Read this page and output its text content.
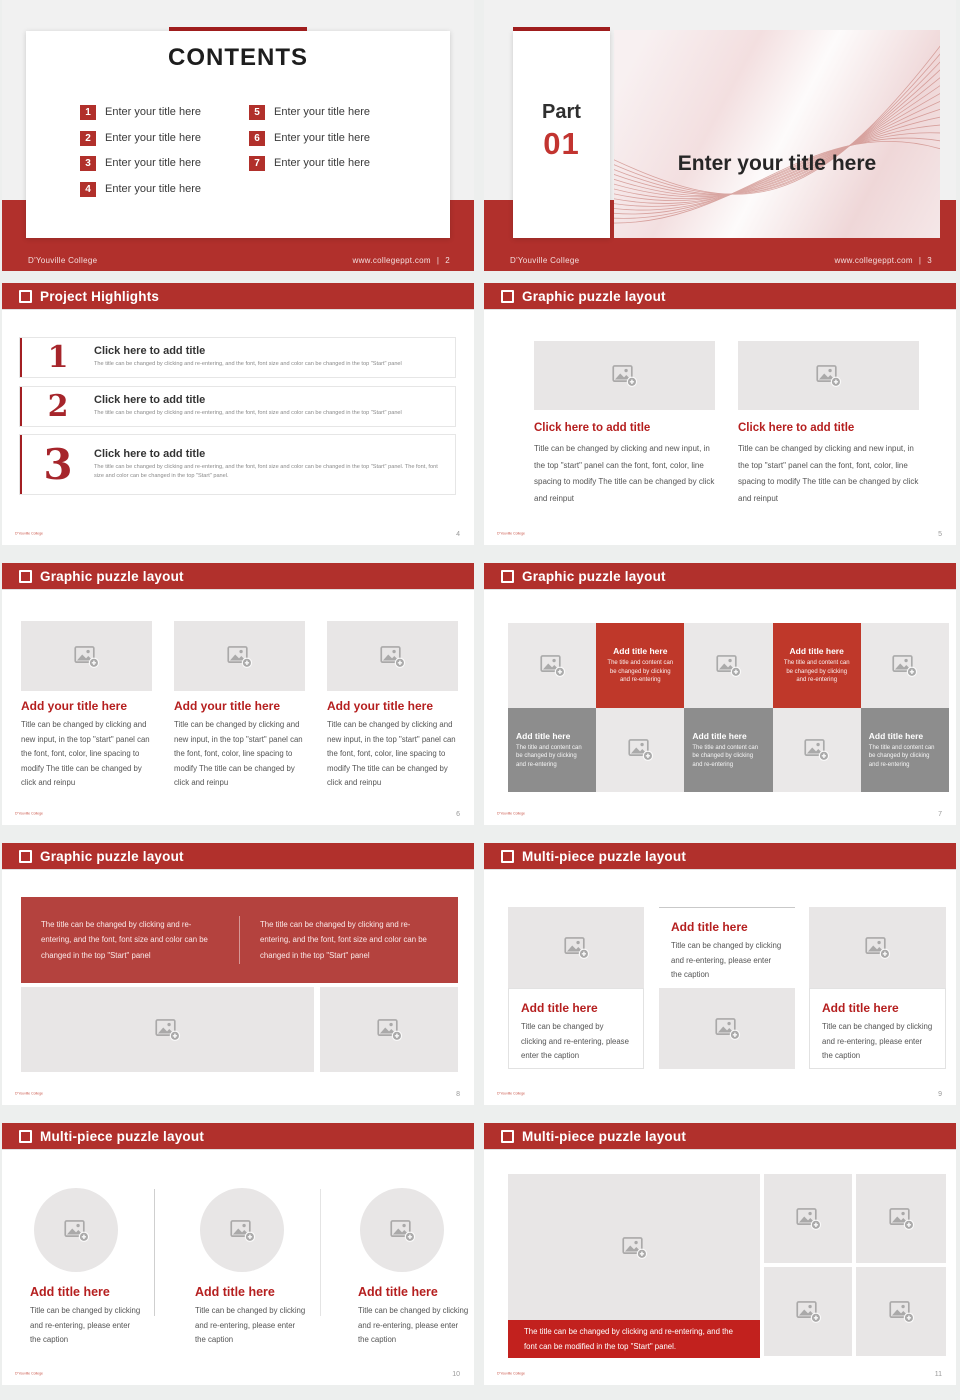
CONTENTS
1	Enter your title here
2	Enter your title here
3	Enter your title here
4	Enter your title here
5	Enter your title here
6	Enter your title here
7	Enter your title here
D'Youville College	www.collegeppt.com | 2
Enter your title here
Part
01
D'Youville College	www.collegeppt.com | 3
Project Highlights
1	Click here to add title
The title can be changed by clicking and re-entering, and the font, font size and color can be changed in the top "Start" panel
2	Click here to add title
The title can be changed by clicking and re-entering, and the font, font size and color can be changed in the top "Start" panel
3	Click here to add title
The title can be changed by clicking and re-entering, and the font, font size and color can be changed in the top "Start" panel. The font, font size and color can be changed in the top "Start" panel.
D'Youville College	4
Graphic puzzle layout
Click here to add title
Title can be changed by clicking and new input, in the top "start" panel can the font, font, color, line spacing to modify The title can be changed by click and reinput
Click here to add title
Title can be changed by clicking and new input, in the top "start" panel can the font, font, color, line spacing to modify The title can be changed by click and reinput
D'Youville College	5
Graphic puzzle layout
Add your title here
Title can be changed by clicking and new input, in the top "start" panel can the font, font, color, line spacing to modify The title can be changed by click and reinpu
Add your title here
Title can be changed by clicking and new input, in the top "start" panel can the font, font, color, line spacing to modify The title can be changed by click and reinpu
Add your title here
Title can be changed by clicking and new input, in the top "start" panel can the font, font, color, line spacing to modify The title can be changed by click and reinpu
D'Youville College	6
Graphic puzzle layout
Add title here
The title and content can be changed by clicking and re-entering
Add title here
The title and content can be changed by clicking and re-entering
Add title here
The title and content can be changed by clicking and re-entering
Add title here
The title and content can be changed by clicking and re-entering
Add title here
The title and content can be changed by clicking and re-entering
D'Youville College	7
Graphic puzzle layout
The title can be changed by clicking and re-entering, and the font, font size and color can be changed in the top "Start" panel
The title can be changed by clicking and re-entering, and the font, font size and color can be changed in the top "Start" panel
D'Youville College	8
Multi-piece puzzle layout
Add title here
Title can be changed by clicking and re-entering, please enter the caption
Add title here
Title can be changed by clicking and re-entering, please enter the caption
Add title here
Title can be changed by clicking and re-entering, please enter the caption
D'Youville College	9
Multi-piece puzzle layout
Add title here
Title can be changed by clicking and re-entering, please enter the caption
Add title here
Title can be changed by clicking and re-entering, please enter the caption
Add title here
Title can be changed by clicking and re-entering, please enter the caption
D'Youville College	10
Multi-piece puzzle layout
The title can be changed by clicking and re-entering, and the font can be modified in the top "Start" panel.
D'Youville College	11
